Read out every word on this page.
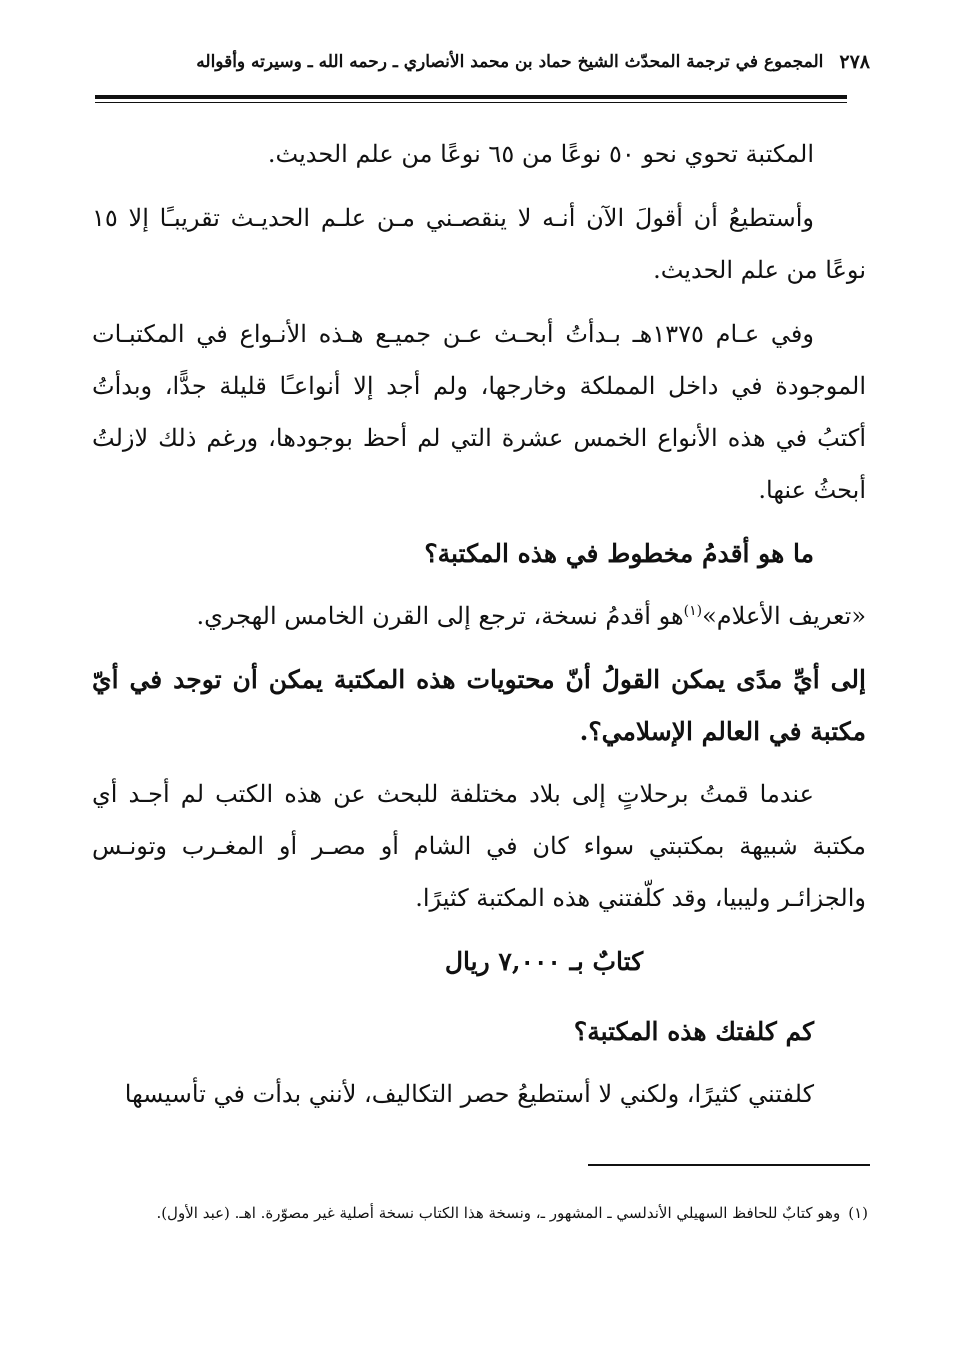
٢٧٨
المجموع في ترجمة المحدّث الشيخ حماد بن محمد الأنصاري ـ رحمه الله ـ وسيرته وأقواله

المكتبة تحوي نحو ٥٠ نوعًا من ٦٥ نوعًا من علم الحديث.

وأستطيعُ أن أقولَ الآن أنـه لا ينقصـني مـن علـم الحديـث تقريبـًا إلا ١٥ نوعًا من علم الحديث.

وفي عـام ١٣٧٥هـ بـدأتُ أبحـث عـن جميـع هـذه الأنـواع في المكتبـات الموجودة في داخل المملكة وخارجها، ولم أجد إلا أنواعـًا قليلة جدًّا، وبدأتُ أكتبُ في هذه الأنواع الخمس عشرة التي لم أحظ بوجودها، ورغم ذلك لازلتُ أبحثُ عنها.

ما هو أقدمُ مخطوط في هذه المكتبة؟

«تعريف الأعلام»$^{(١)}$هو أقدمُ نسخة، ترجع إلى القرن الخامس الهجري.

إلى أيِّ مدًى يمكن القولُ أنّ محتويات هذه المكتبة يمكن أن توجد في أيّ مكتبة في العالم الإسلامي؟.

عندما قمتُ برحلاتٍ إلى بلاد مختلفة للبحث عن هذه الكتب لم أجـد أي مكتبة شبيهة بمكتبتي سواء كان في الشام أو مصـر أو المغـرب وتونـس والجزائـر وليبيا، وقد كلّفتني هذه المكتبة كثيرًا.

كتابٌ بـ ٧,٠٠٠ ريال

كم كلفتك هذه المكتبة؟

كلفتني كثيرًا، ولكني لا أستطيعُ حصر التكاليف، لأنني بدأت في تأسيسها

(١)وهو كتابٌ للحافظ السهيلي الأندلسي ـ المشهور ـ، ونسخة هذا الكتاب نسخة أصلية غير مصوّرة. اهـ. (عبد الأول).
